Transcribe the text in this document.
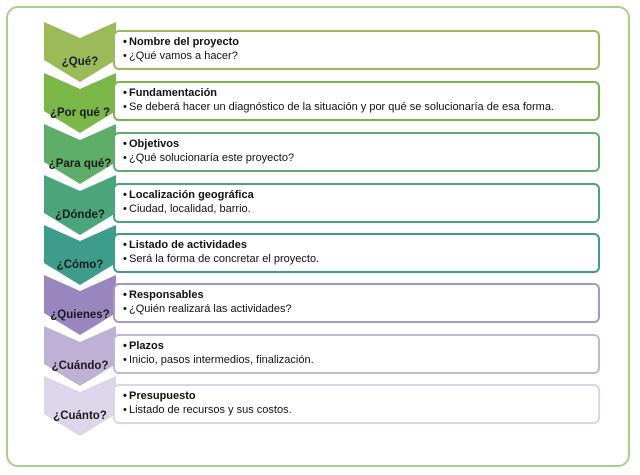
¿Qué?
• Nombre del proyecto
• ¿Qué vamos a hacer?
¿Por qué ?
• Fundamentación
• Se deberá hacer un diagnóstico de la situación y por qué se solucionaría de esa forma.
¿Para qué?
• Objetivos
• ¿Qué solucionaría este proyecto?
¿Dónde?
• Localización geográfica
• Ciudad, localidad, barrio.
¿Cómo?
• Listado de actividades
• Será la forma de concretar el proyecto.
¿Quienes?
• Responsables
• ¿Quién realizará las actividades?
¿Cuándo?
• Plazos
• Inicio, pasos intermedios, finalización.
¿Cuánto?
• Presupuesto
• Listado de recursos y sus costos.
